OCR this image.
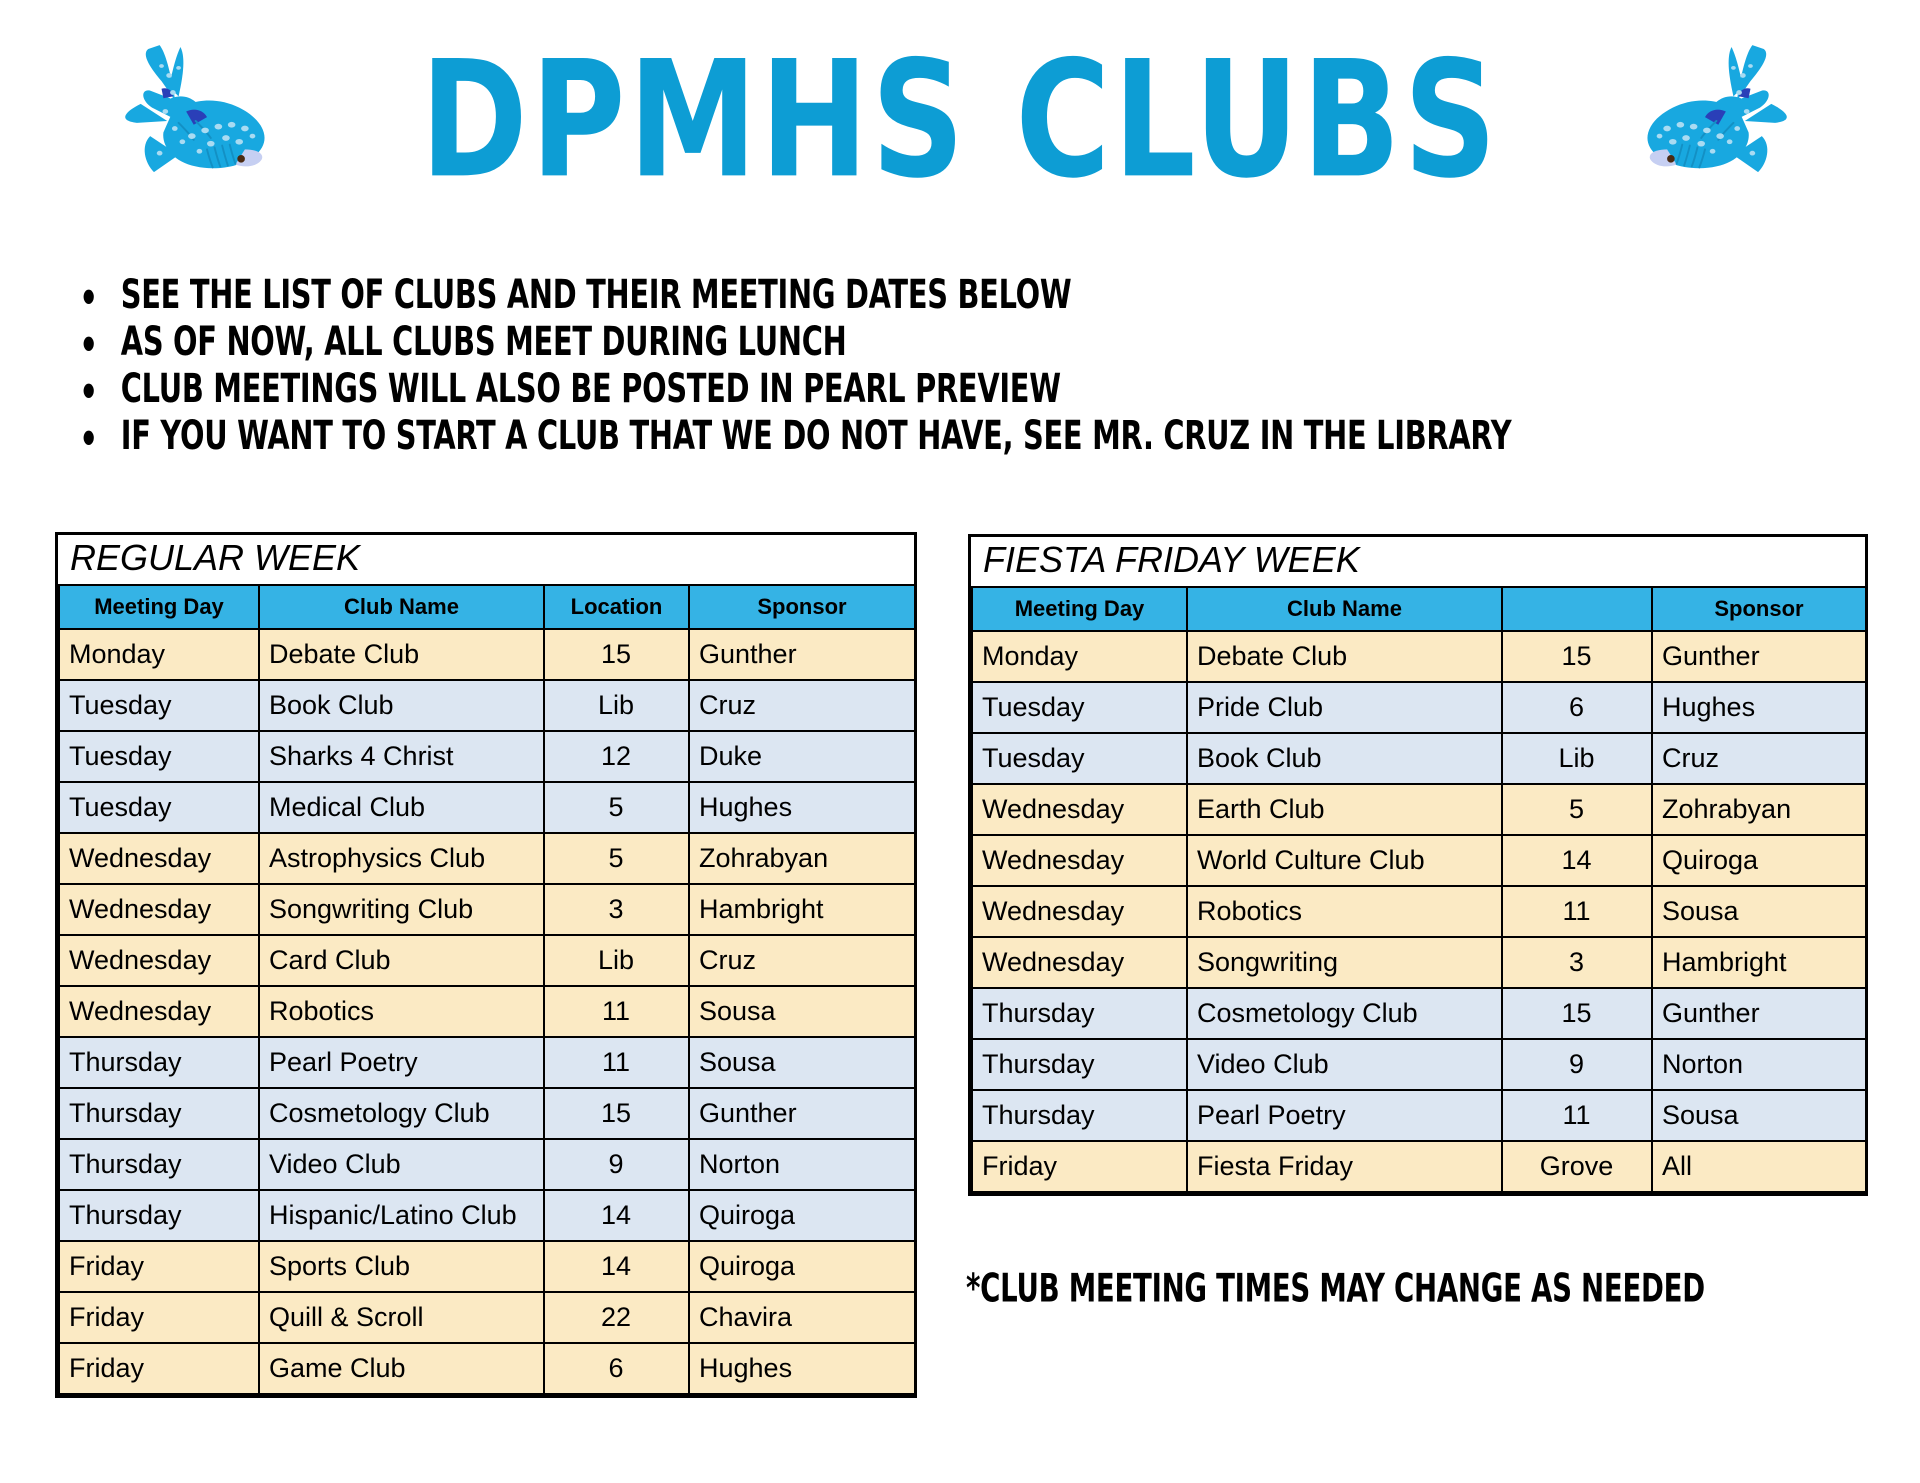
DPMHS CLUBS
SEE THE LIST OF CLUBS AND THEIR MEETING DATES BELOW
AS OF NOW, ALL CLUBS MEET DURING LUNCH
CLUB MEETINGS WILL ALSO BE POSTED IN PEARL PREVIEW
IF YOU WANT TO START A CLUB THAT WE DO NOT HAVE, SEE MR. CRUZ IN THE LIBRARY
REGULAR WEEK
Meeting Day	Club Name	Location	Sponsor
Monday	Debate Club	15	Gunther
Tuesday	Book Club	Lib	Cruz
Tuesday	Sharks 4 Christ	12	Duke
Tuesday	Medical Club	5	Hughes
Wednesday	Astrophysics Club	5	Zohrabyan
Wednesday	Songwriting Club	3	Hambright
Wednesday	Card Club	Lib	Cruz
Wednesday	Robotics	11	Sousa
Thursday	Pearl Poetry	11	Sousa
Thursday	Cosmetology Club	15	Gunther
Thursday	Video Club	9	Norton
Thursday	Hispanic/Latino Club	14	Quiroga
Friday	Sports Club	14	Quiroga
Friday	Quill & Scroll	22	Chavira
Friday	Game Club	6	Hughes
FIESTA FRIDAY WEEK
Meeting Day	Club Name		Sponsor
Monday	Debate Club	15	Gunther
Tuesday	Pride Club	6	Hughes
Tuesday	Book Club	Lib	Cruz
Wednesday	Earth Club	5	Zohrabyan
Wednesday	World Culture Club	14	Quiroga
Wednesday	Robotics	11	Sousa
Wednesday	Songwriting	3	Hambright
Thursday	Cosmetology Club	15	Gunther
Thursday	Video Club	9	Norton
Thursday	Pearl Poetry	11	Sousa
Friday	Fiesta Friday	Grove	All
*CLUB MEETING TIMES MAY CHANGE AS NEEDED
